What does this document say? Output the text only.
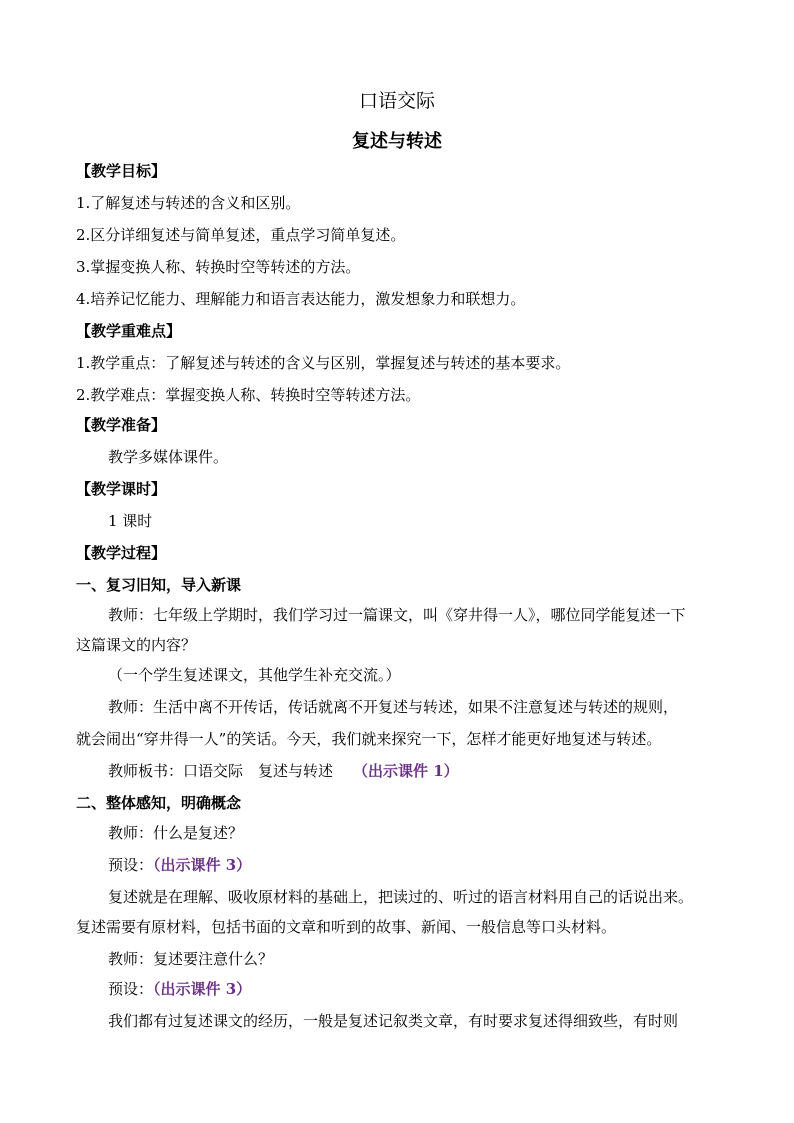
口语交际
复述与转述
【教学目标】
1.了解复述与转述的含义和区别。
2.区分详细复述与简单复述，重点学习简单复述。
3.掌握变换人称、转换时空等转述的方法。
4.培养记忆能力、理解能力和语言表达能力，激发想象力和联想力。
【教学重难点】
1.教学重点：了解复述与转述的含义与区别，掌握复述与转述的基本要求。
2.教学难点：掌握变换人称、转换时空等转述方法。
【教学准备】
教学多媒体课件。
【教学课时】
1 课时
【教学过程】
一、复习旧知，导入新课
教师：七年级上学期时，我们学习过一篇课文，叫《穿井得一人》，哪位同学能复述一下
这篇课文的内容？
（一个学生复述课文，其他学生补充交流。）
教师：生活中离不开传话，传话就离不开复述与转述，如果不注意复述与转述的规则，
就会闹出“穿井得一人”的笑话。今天，我们就来探究一下，怎样才能更好地复述与转述。
教师板书：口语交际　复述与转述 （出示课件 1）
二、整体感知，明确概念
教师：什么是复述？
预设：（出示课件 3）
复述就是在理解、吸收原材料的基础上，把读过的、听过的语言材料用自己的话说出来。
复述需要有原材料，包括书面的文章和听到的故事、新闻、一般信息等口头材料。
教师：复述要注意什么？
预设：（出示课件 3）
我们都有过复述课文的经历，一般是复述记叙类文章，有时要求复述得细致些，有时则
